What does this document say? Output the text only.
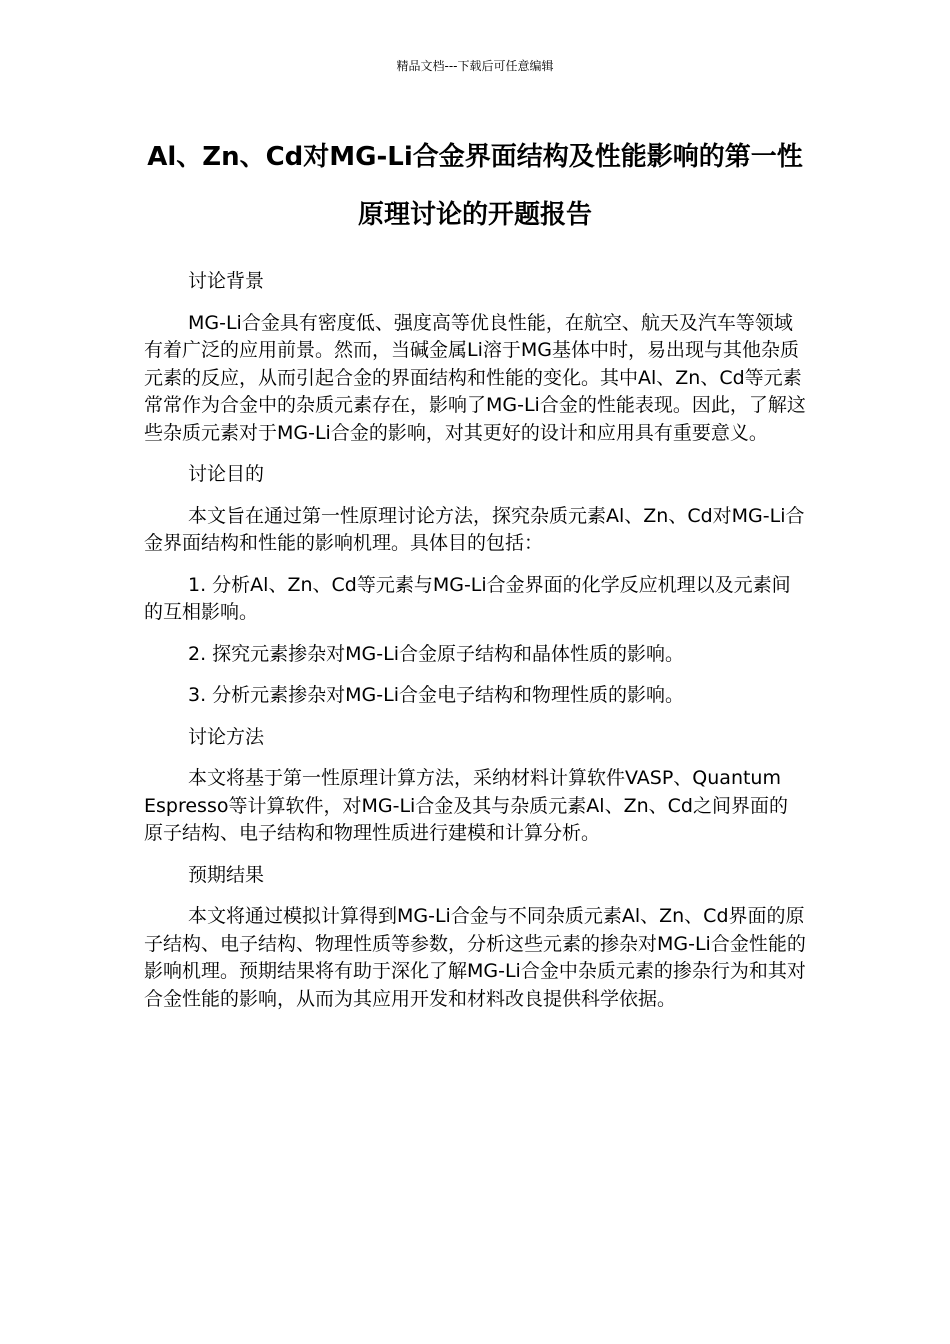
精品文档---下载后可任意编辑
Al、Zn、Cd对MG-Li合金界面结构及性能影响的第一性原理讨论的开题报告

讨论背景

MG-Li合金具有密度低、强度高等优良性能，在航空、航天及汽车等领域有着广泛的应用前景。然而，当碱金属Li溶于MG基体中时，易出现与其他杂质元素的反应，从而引起合金的界面结构和性能的变化。其中Al、Zn、Cd等元素常常作为合金中的杂质元素存在，影响了MG-Li合金的性能表现。因此，了解这些杂质元素对于MG-Li合金的影响，对其更好的设计和应用具有重要意义。

讨论目的

本文旨在通过第一性原理讨论方法，探究杂质元素Al、Zn、Cd对MG-Li合金界面结构和性能的影响机理。具体目的包括：

1. 分析Al、Zn、Cd等元素与MG-Li合金界面的化学反应机理以及元素间的互相影响。

2. 探究元素掺杂对MG-Li合金原子结构和晶体性质的影响。

3. 分析元素掺杂对MG-Li合金电子结构和物理性质的影响。

讨论方法

本文将基于第一性原理计算方法，采纳材料计算软件VASP、Quantum Espresso等计算软件，对MG-Li合金及其与杂质元素Al、Zn、Cd之间界面的原子结构、电子结构和物理性质进行建模和计算分析。

预期结果

本文将通过模拟计算得到MG-Li合金与不同杂质元素Al、Zn、Cd界面的原子结构、电子结构、物理性质等参数，分析这些元素的掺杂对MG-Li合金性能的影响机理。预期结果将有助于深化了解MG-Li合金中杂质元素的掺杂行为和其对合金性能的影响，从而为其应用开发和材料改良提供科学依据。
